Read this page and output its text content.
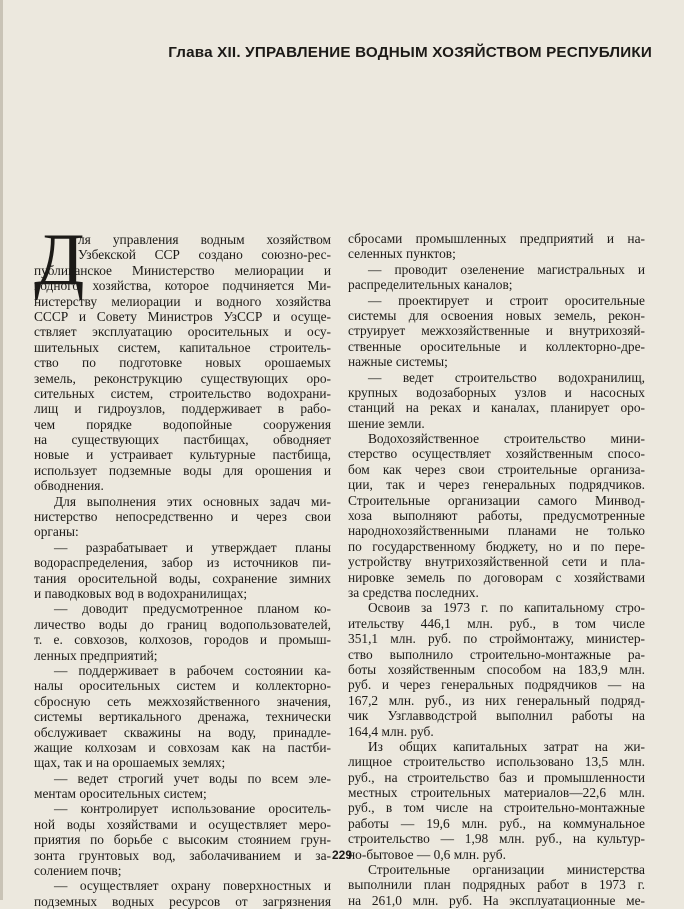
Глава XII. УПРАВЛЕНИЕ ВОДНЫМ ХОЗЯЙСТВОМ РЕСПУБЛИКИ
Д
ля управления водным хозяйством
Узбекской ССР создано союзно-рес-
публиканское Министерство мелиорации и
водного хозяйства, которое подчиняется Ми-
нистерству мелиорации и водного хозяйства
СССР и Совету Министров УзССР и осуще-
ствляет эксплуатацию оросительных и осу-
шительных систем, капитальное строитель-
ство по подготовке новых орошаемых
земель, реконструкцию существующих оро-
сительных систем, строительство водохрани-
лищ и гидроузлов, поддерживает в рабо-
чем порядке водопойные сооружения
на существующих пастбищах, обводняет
новые и устраивает культурные пастбища,
использует подземные воды для орошения и
обводнения.
Для выполнения этих основных задач ми-
нистерство непосредственно и через свои
органы:
— разрабатывает и утверждает планы
водораспределения, забор из источников пи-
тания оросительной воды, сохранение зимних
и паводковых вод в водохранилищах;
— доводит предусмотренное планом ко-
личество воды до границ водопользователей,
т. е. совхозов, колхозов, городов и промыш-
ленных предприятий;
— поддерживает в рабочем состоянии ка-
налы оросительных систем и коллекторно-
сбросную сеть межхозяйственного значения,
системы вертикального дренажа, технически
обслуживает скважины на воду, принадле-
жащие колхозам и совхозам как на пастби-
щах, так и на орошаемых землях;
— ведет строгий учет воды по всем эле-
ментам оросительных систем;
— контролирует использование ороситель-
ной воды хозяйствами и осуществляет меро-
приятия по борьбе с высоким стоянием грун-
зонта грунтовых вод, заболачиванием и за-
солением почв;
— осуществляет охрану поверхностных и
подземных водных ресурсов от загрязнения
сбросами промышленных предприятий и на-
селенных пунктов;
— проводит озеленение магистральных и
распределительных каналов;
— проектирует и строит оросительные
системы для освоения новых земель, рекон-
струирует межхозяйственные и внутрихозяй-
ственные оросительные и коллекторно-дре-
нажные системы;
— ведет строительство водохранилищ,
крупных водозаборных узлов и насосных
станций на реках и каналах, планирует оро-
шение земли.
Водохозяйственное строительство мини-
стерство осуществляет хозяйственным спосо-
бом как через свои строительные организа-
ции, так и через генеральных подрядчиков.
Строительные организации самого Минвод-
хоза выполняют работы, предусмотренные
народнохозяйственными планами не только
по государственному бюджету, но и по пере-
устройству внутрихозяйственной сети и пла-
нировке земель по договорам с хозяйствами
за средства последних.
Освоив за 1973 г. по капитальному стро-
ительству 446,1 млн. руб., в том числе
351,1 млн. руб. по строймонтажу, министер-
ство выполнило строительно-монтажные ра-
боты хозяйственным способом на 183,9 млн.
руб. и через генеральных подрядчиков — на
167,2 млн. руб., из них генеральный подряд-
чик Узглавводстрой выполнил работы на
164,4 млн. руб.
Из общих капитальных затрат на жи-
лищное строительство использовано 13,5 млн.
руб., на строительство баз и промышленности
местных строительных материалов—22,6 млн.
руб., в том числе на строительно-монтажные
работы — 19,6 млн. руб., на коммунальное
строительство — 1,98 млн. руб., на культур-
но-бытовое — 0,6 млн. руб.
Строительные организации министерства
выполнили план подрядных работ в 1973 г.
на 261,0 млн. руб. На эксплуатационные ме-
229
